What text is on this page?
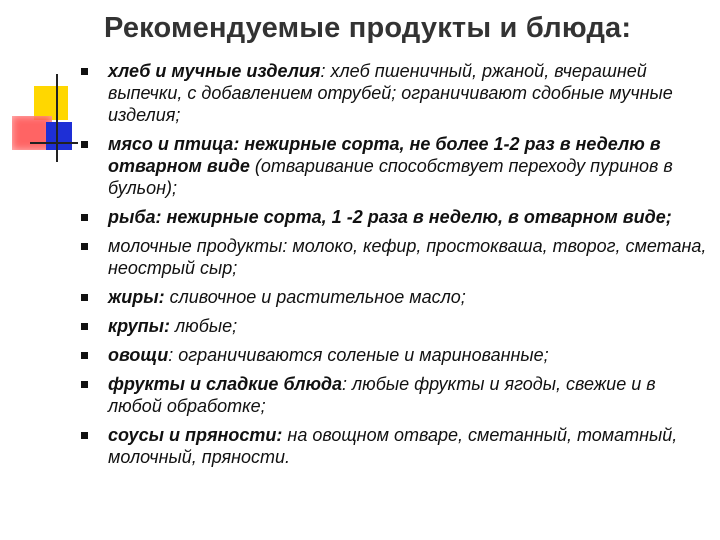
Рекомендуемые продукты и блюда:
хлеб и мучные изделия: хлеб пшеничный, ржаной, вчерашней выпечки, с добавлением отрубей; ограничивают сдобные мучные изделия;
мясо и птица: нежирные сорта, не более 1-2 раз в неделю в отварном виде (отваривание способствует переходу пуринов в бульон);
рыба: нежирные сорта, 1 -2 раза в неделю, в отварном виде;
молочные продукты: молоко, кефир, простокваша, творог, сметана, неострый сыр;
жиры: сливочное и растительное масло;
крупы: любые;
овощи: ограничиваются соленые и маринованные;
фрукты и сладкие блюда: любые фрукты и ягоды, свежие и в любой обработке;
соусы и пряности: на овощном отваре, сметанный, томатный, молочный, пряности.
